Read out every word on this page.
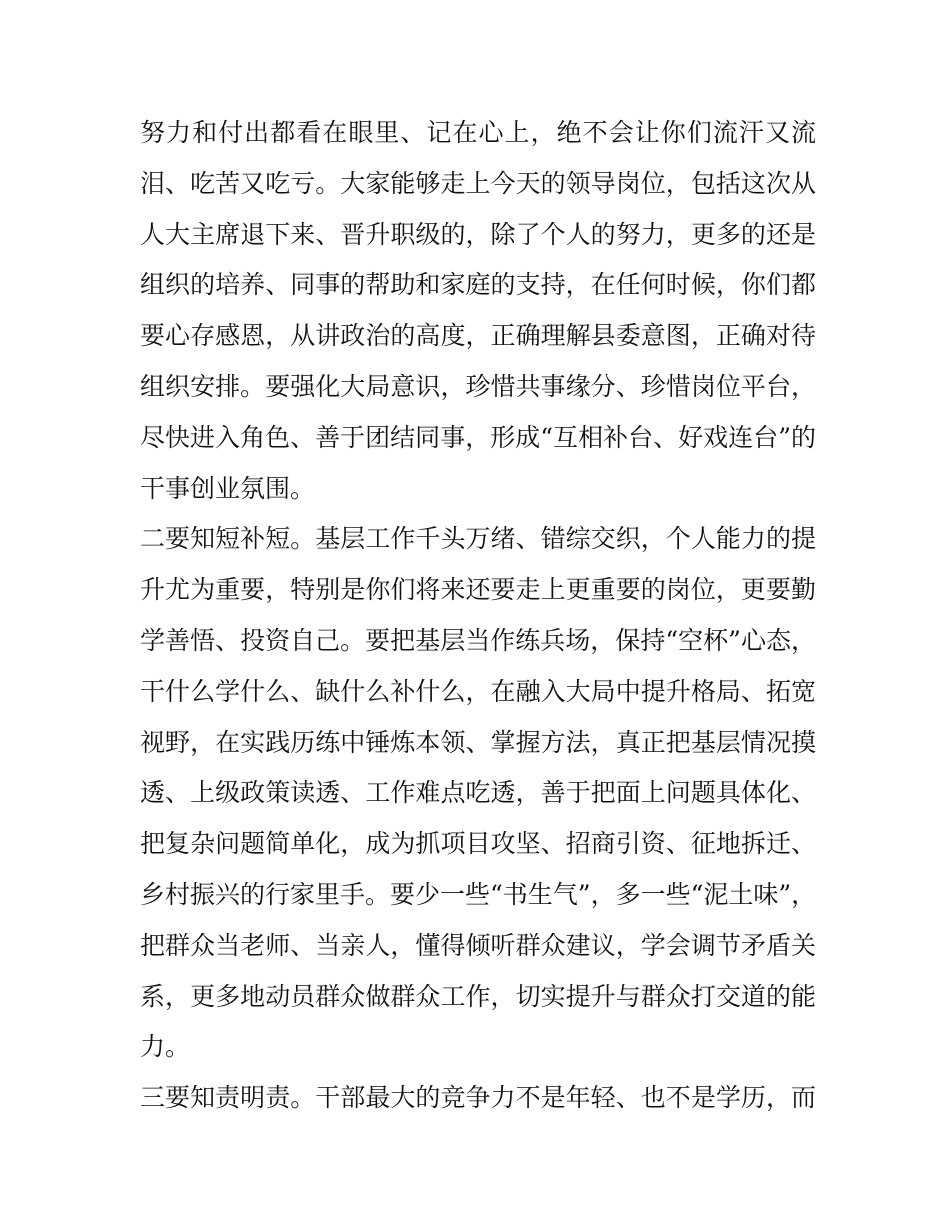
努力和付出都看在眼里、记在心上，绝不会让你们流汗又流
泪、吃苦又吃亏。大家能够走上今天的领导岗位，包括这次从
人大主席退下来、晋升职级的，除了个人的努力，更多的还是
组织的培养、同事的帮助和家庭的支持，在任何时候，你们都
要心存感恩，从讲政治的高度，正确理解县委意图，正确对待
组织安排。要强化大局意识，珍惜共事缘分、珍惜岗位平台，
尽快进入角色、善于团结同事，形成“互相补台、好戏连台”的
干事创业氛围。
二要知短补短。基层工作千头万绪、错综交织，个人能力的提
升尤为重要，特别是你们将来还要走上更重要的岗位，更要勤
学善悟、投资自己。要把基层当作练兵场，保持“空杯”心态，
干什么学什么、缺什么补什么，在融入大局中提升格局、拓宽
视野，在实践历练中锤炼本领、掌握方法，真正把基层情况摸
透、上级政策读透、工作难点吃透，善于把面上问题具体化、
把复杂问题简单化，成为抓项目攻坚、招商引资、征地拆迁、
乡村振兴的行家里手。要少一些“书生气”，多一些“泥土味”，
把群众当老师、当亲人，懂得倾听群众建议，学会调节矛盾关
系，更多地动员群众做群众工作，切实提升与群众打交道的能
力。
三要知责明责。干部最大的竞争力不是年轻、也不是学历，而
